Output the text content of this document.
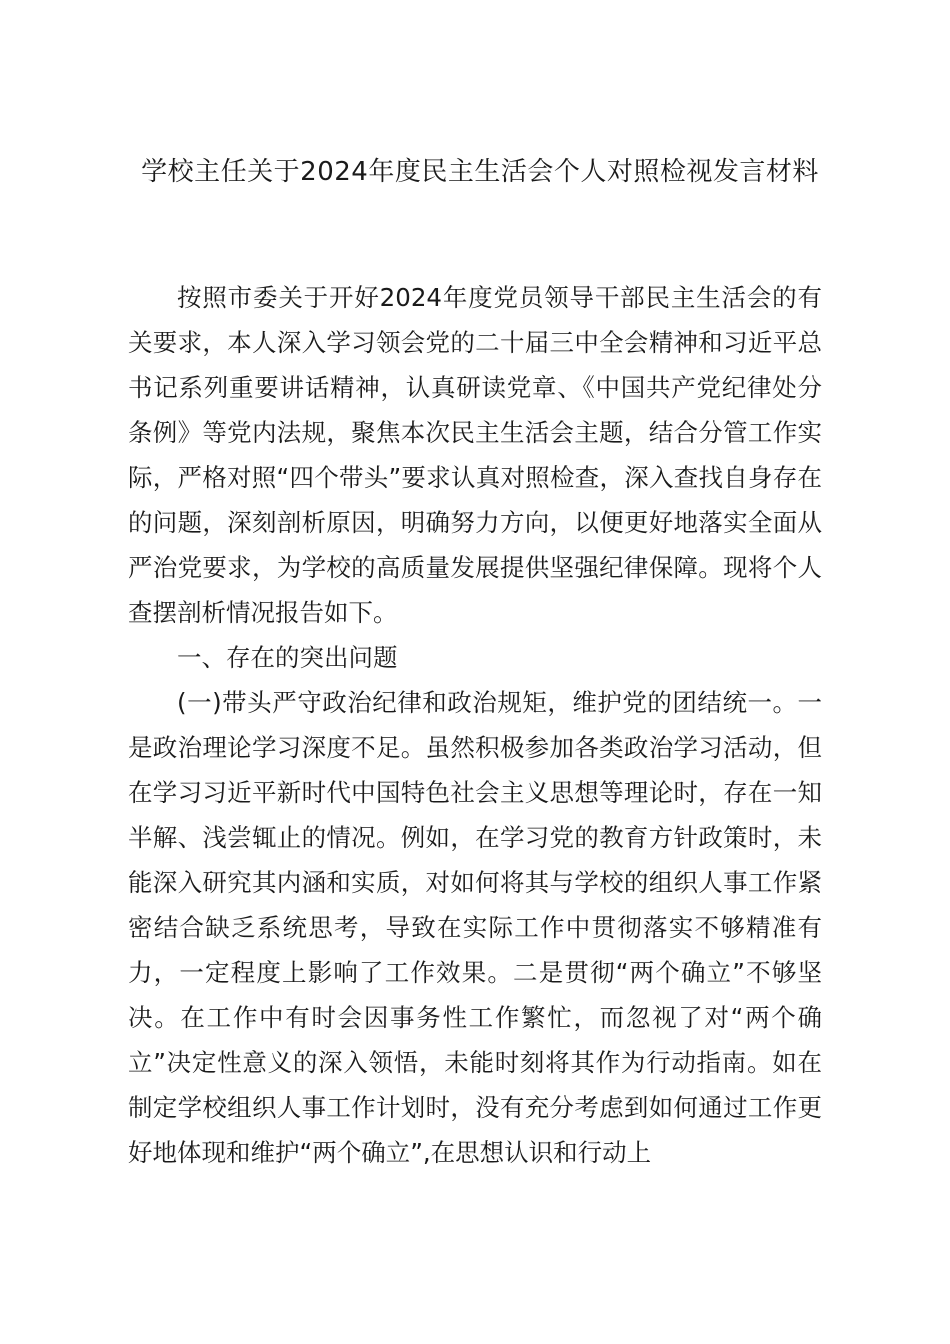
学校主任关于2024年度民主生活会个人对照检视发言材料

按照市委关于开好2024年度党员领导干部民主生活会的有关要求，本人深入学习领会党的二十届三中全会精神和习近平总书记系列重要讲话精神，认真研读党章、《中国共产党纪律处分条例》等党内法规，聚焦本次民主生活会主题，结合分管工作实际，严格对照“四个带头”要求认真对照检查，深入查找自身存在的问题，深刻剖析原因，明确努力方向，以便更好地落实全面从严治党要求，为学校的高质量发展提供坚强纪律保障。现将个人查摆剖析情况报告如下。

一、存在的突出问题

(一)带头严守政治纪律和政治规矩，维护党的团结统一。一是政治理论学习深度不足。虽然积极参加各类政治学习活动，但在学习习近平新时代中国特色社会主义思想等理论时，存在一知半解、浅尝辄止的情况。例如，在学习党的教育方针政策时，未能深入研究其内涵和实质，对如何将其与学校的组织人事工作紧密结合缺乏系统思考，导致在实际工作中贯彻落实不够精准有力，一定程度上影响了工作效果。二是贯彻“两个确立”不够坚决。在工作中有时会因事务性工作繁忙，而忽视了对“两个确立”决定性意义的深入领悟，未能时刻将其作为行动指南。如在制定学校组织人事工作计划时，没有充分考虑到如何通过工作更好地体现和维护“两个确立”,在思想认识和行动上
